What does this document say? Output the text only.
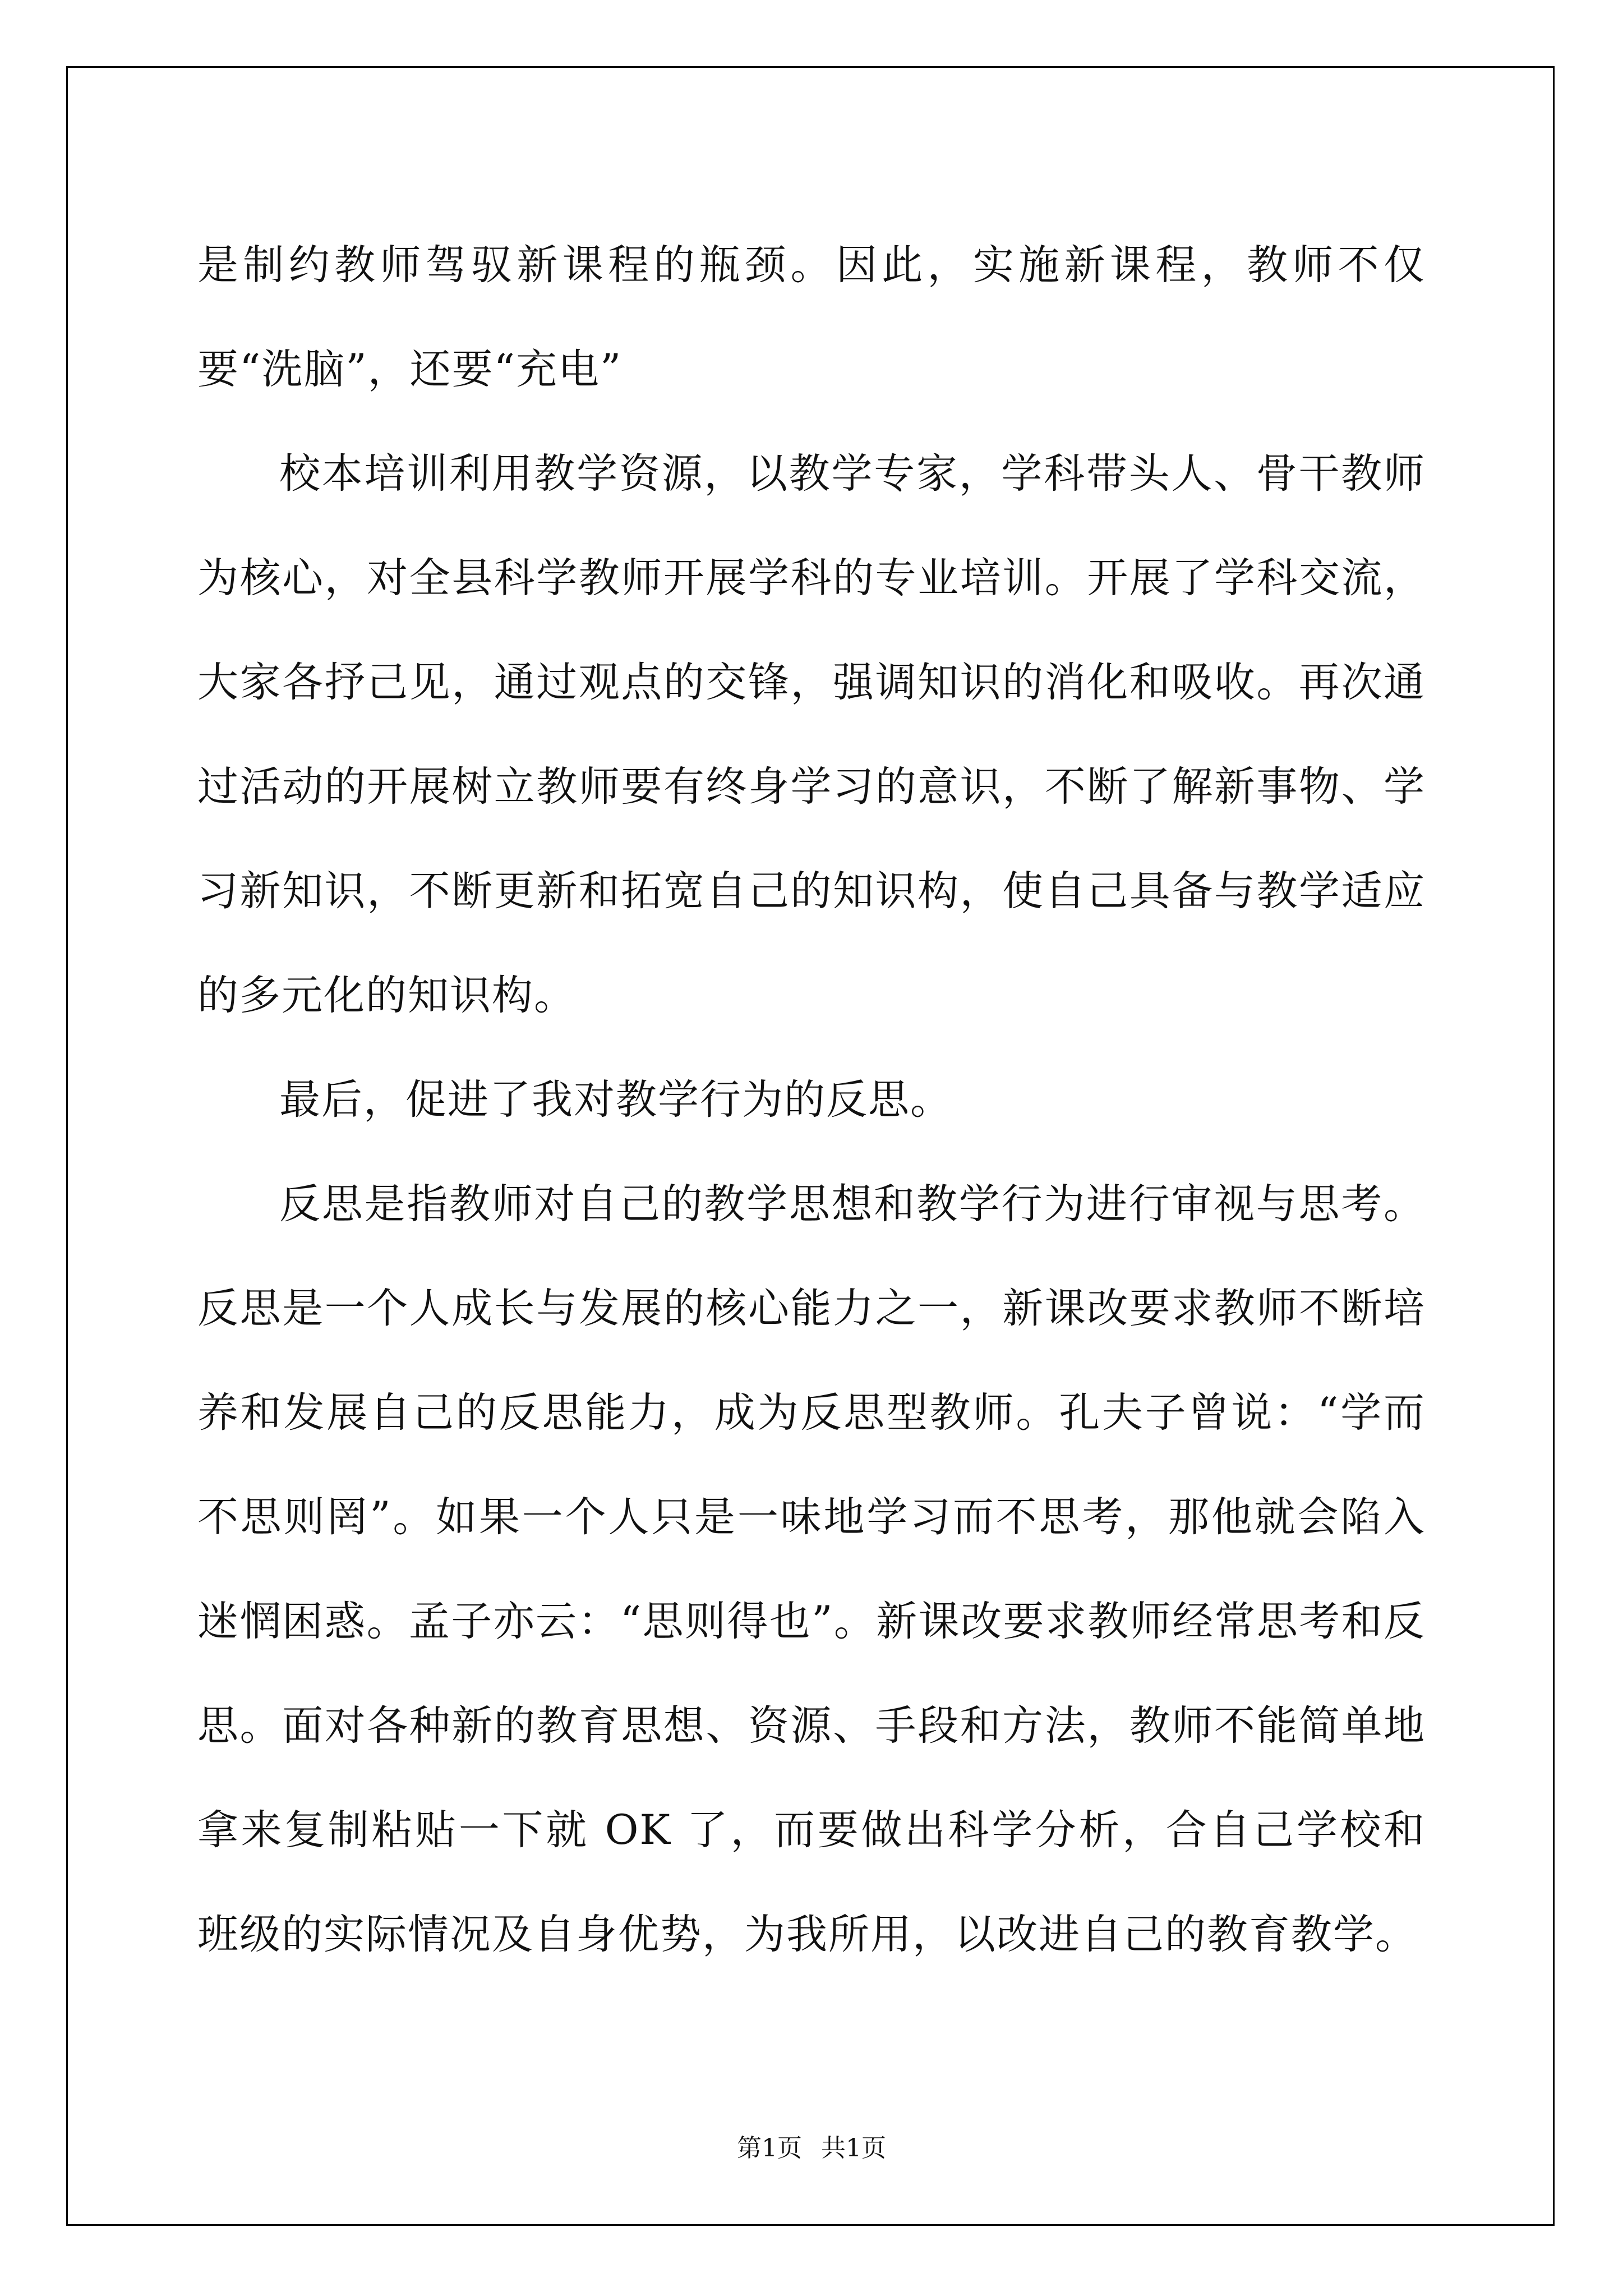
是制约教师驾驭新课程的瓶颈。因此，实施新课程，教师不仅要“洗脑”，还要“充电”

校本培训利用教学资源，以教学专家，学科带头人、骨干教师为核心，对全县科学教师开展学科的专业培训。开展了学科交流，大家各抒己见，通过观点的交锋，强调知识的消化和吸收。再次通过活动的开展树立教师要有终身学习的意识，不断了解新事物、学习新知识，不断更新和拓宽自己的知识构，使自己具备与教学适应的多元化的知识构。

最后，促进了我对教学行为的反思。

反思是指教师对自己的教学思想和教学行为进行审视与思考。反思是一个人成长与发展的核心能力之一，新课改要求教师不断培养和发展自己的反思能力，成为反思型教师。孔夫子曾说：“学而不思则罔”。如果一个人只是一味地学习而不思考，那他就会陷入迷惘困惑。孟子亦云：“思则得也”。新课改要求教师经常思考和反思。面对各种新的教育思想、资源、手段和方法，教师不能简单地拿来复制粘贴一下就 OK 了，而要做出科学分析，合自己学校和班级的实际情况及自身优势，为我所用，以改进自己的教育教学。

第1页 共1页
